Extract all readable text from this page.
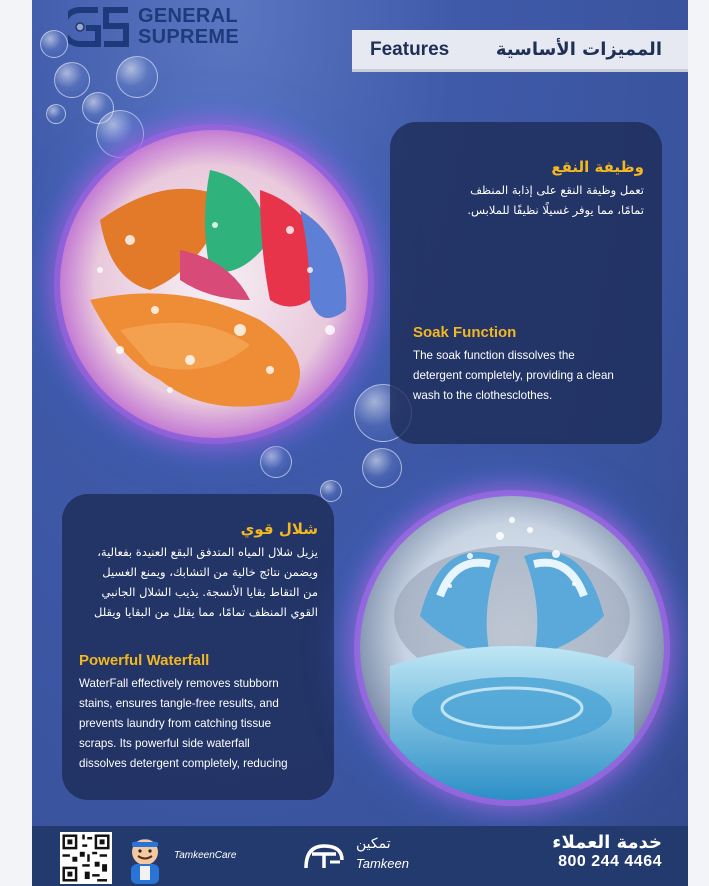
GENERAL
SUPREME
Features	المميزات الأساسية
وظيفة النقع
تعمل وظيفة النقع على إذابة المنظف
تمامًا، مما يوفر غسيلًا نظيفًا للملابس.
Soak Function
The soak function dissolves the
detergent completely, providing a clean
wash to the clothesclothes.
شلال قوي
يزيل شلال المياه المتدفق البقع العنيدة بفعالية،
ويضمن نتائج خالية من التشابك، ويمنع الغسيل
من التقاط بقايا الأنسجة. يذيب الشلال الجانبي
القوي المنظف تمامًا، مما يقلل من البقايا ويقلل
Powerful Waterfall
WaterFall effectively removes stubborn
stains, ensures tangle-free results, and
prevents laundry from catching tissue
scraps. Its powerful side waterfall
dissolves detergent completely, reducing
TamkeenCare
تمكين
Tamkeen
خدمة العملاء
800 244 4464
